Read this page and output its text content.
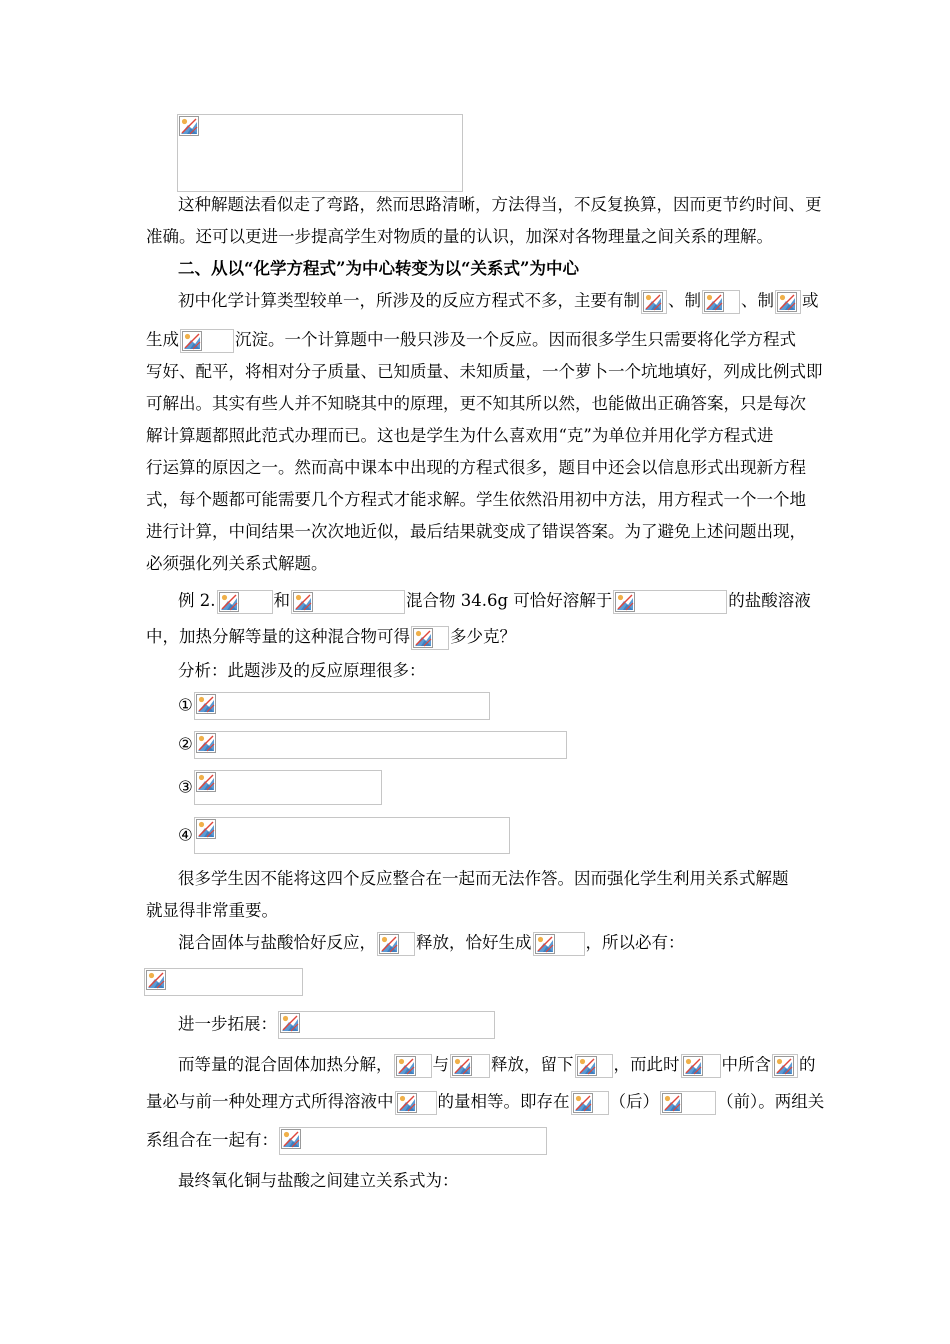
这种解题法看似走了弯路，然而思路清晰，方法得当，不反复换算，因而更节约时间、更
准确。还可以更进一步提高学生对物质的量的认识，加深对各物理量之间关系的理解。
二、从以“化学方程式”为中心转变为以“关系式”为中心
初中化学计算类型较单一，所涉及的反应方程式不多，主要有制 、制 、制 或
生成	沉淀。一个计算题中一般只涉及一个反应。因而很多学生只需要将化学方程式
写好、配平，将相对分子质量、已知质量、未知质量，一个萝卜一个坑地填好，列成比例式即
可解出。其实有些人并不知晓其中的原理，更不知其所以然，也能做出正确答案，只是每次
解计算题都照此范式办理而已。这也是学生为什么喜欢用“克”为单位并用化学方程式进
行运算的原因之一。然而高中课本中出现的方程式很多，题目中还会以信息形式出现新方程
式，每个题都可能需要几个方程式才能求解。学生依然沿用初中方法，用方程式一个一个地
进行计算，中间结果一次次地近似，最后结果就变成了错误答案。为了避免上述问题出现，
必须强化列关系式解题。
例 2.	和	混合物 34.6g 可恰好溶解于	的盐酸溶液
中，加热分解等量的这种混合物可得 多少克？
分析：此题涉及的反应原理很多：
①
②
③
④
很多学生因不能将这四个反应整合在一起而无法作答。因而强化学生利用关系式解题
就显得非常重要。
混合固体与盐酸恰好反应， 释放，恰好生成	，所以必有：
进一步拓展：
而等量的混合固体加热分解， 与	释放，留下 ，而此时	中所含 的
量必与前一种处理方式所得溶液中	的量相等。即存在 （后）	（前）。两组关
系组合在一起有：
最终氧化铜与盐酸之间建立关系式为：
